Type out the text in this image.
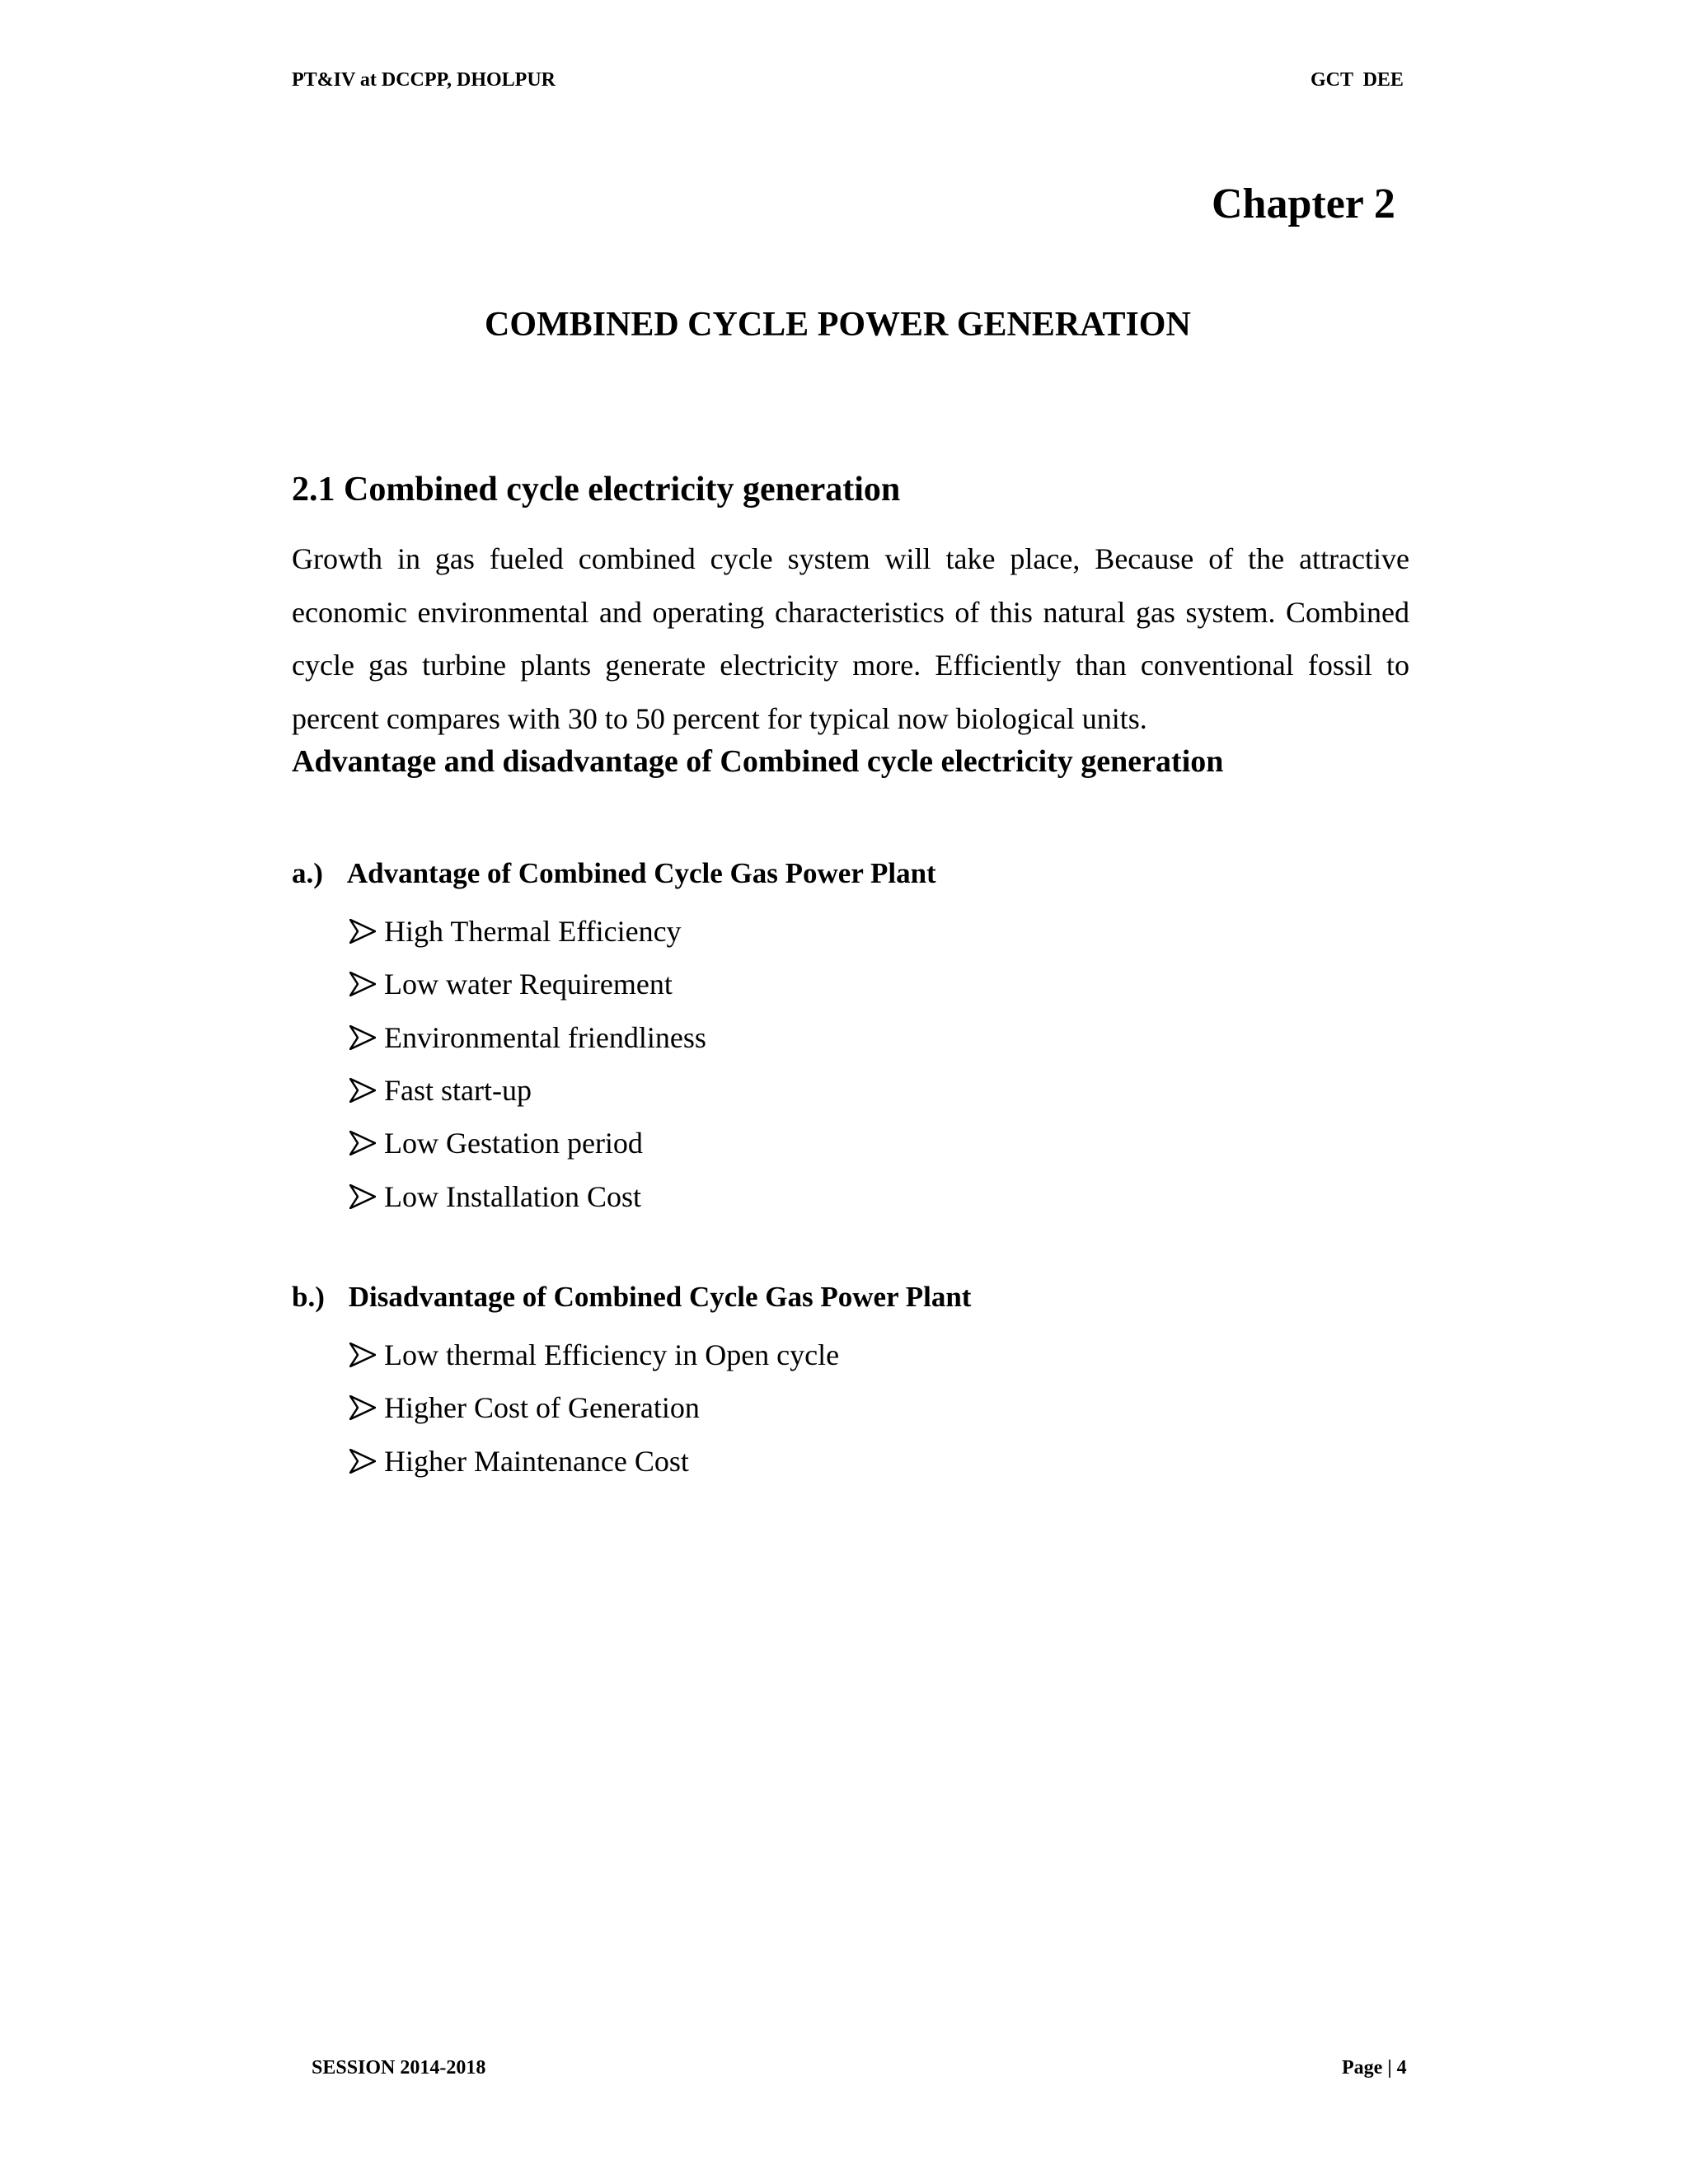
PT&IV at DCCPP, DHOLPUR	GCT DEE
Chapter 2
COMBINED CYCLE POWER GENERATION
2.1 Combined cycle electricity generation
Growth in gas fueled combined cycle system will take place, Because of the attractive economic environmental and operating characteristics of this natural gas system. Combined cycle gas turbine plants generate electricity more. Efficiently than conventional fossil to percent compares with 30 to 50 percent for typical now biological units.
Advantage and disadvantage of Combined cycle electricity generation
a.) Advantage of Combined Cycle Gas Power Plant
High Thermal Efficiency
Low water Requirement
Environmental friendliness
Fast start-up
Low Gestation period
Low Installation Cost
b.) Disadvantage of Combined Cycle Gas Power Plant
Low thermal Efficiency in Open cycle
Higher Cost of Generation
Higher Maintenance Cost
SESSION 2014-2018	Page | 4
